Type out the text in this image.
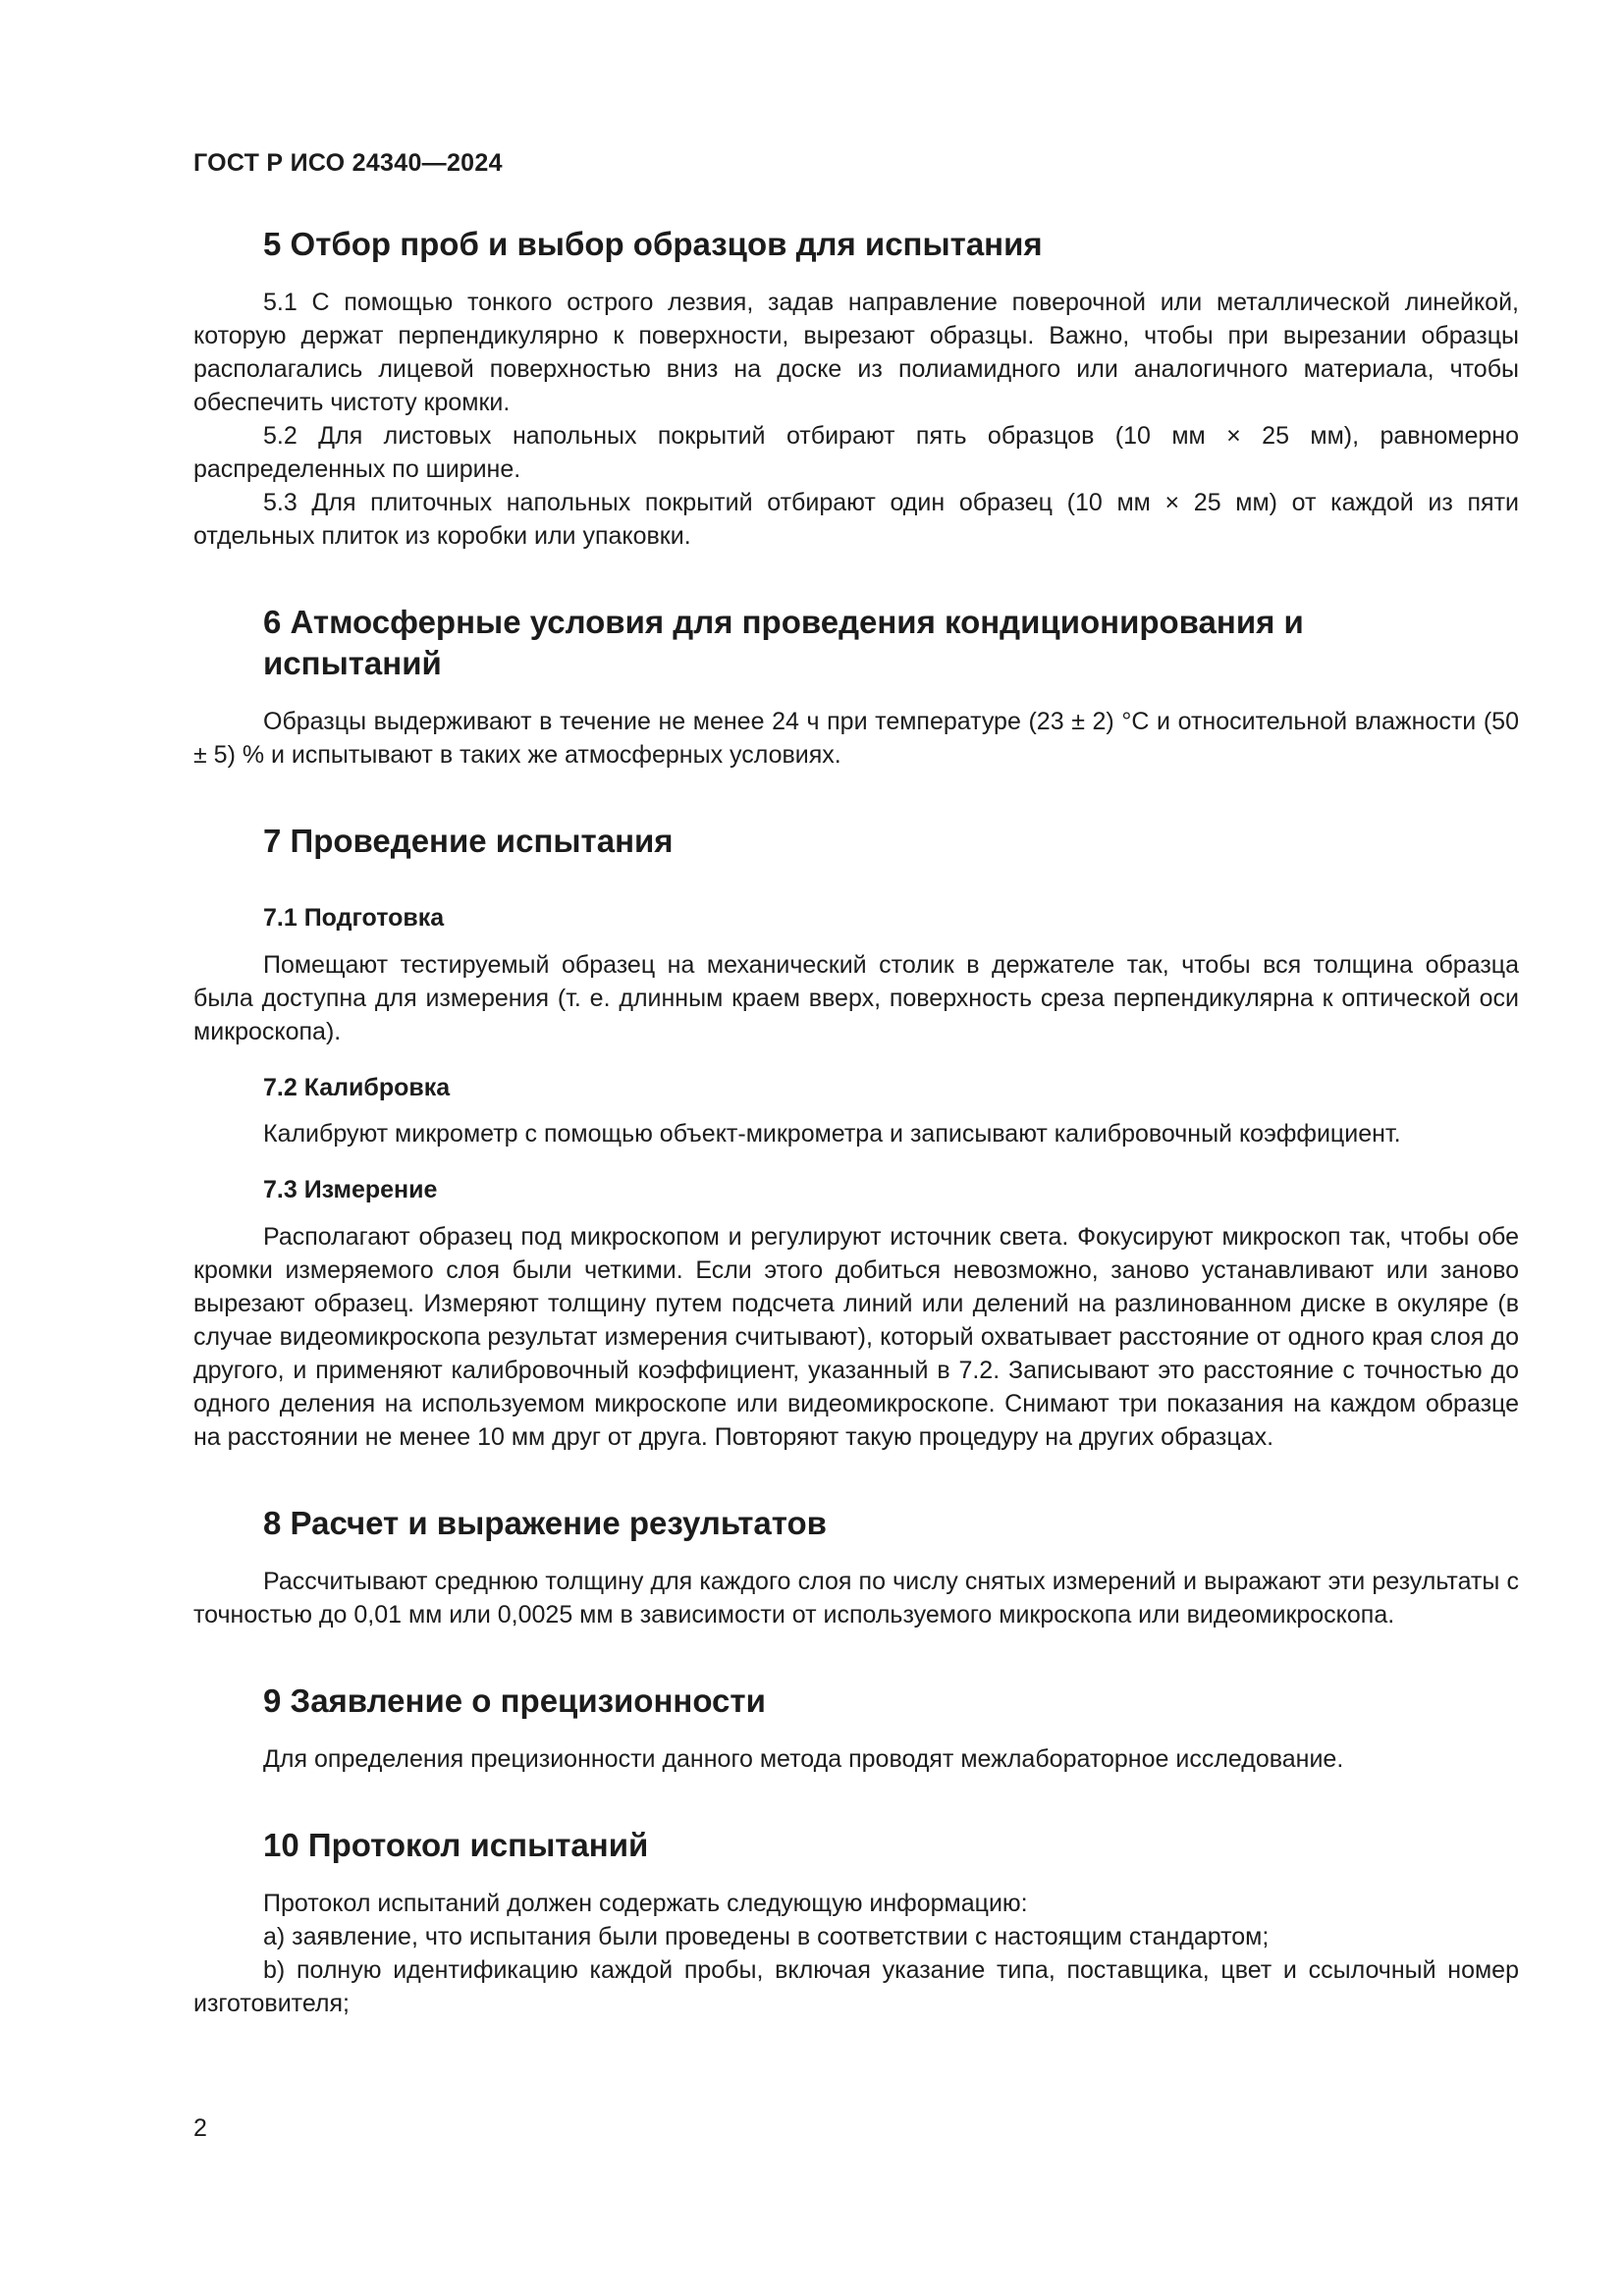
ГОСТ Р ИСО 24340—2024
5 Отбор проб и выбор образцов для испытания

5.1 С помощью тонкого острого лезвия, задав направление поверочной или металлической линейкой, которую держат перпендикулярно к поверхности, вырезают образцы. Важно, чтобы при вырезании образцы располагались лицевой поверхностью вниз на доске из полиамидного или аналогичного материала, чтобы обеспечить чистоту кромки.

5.2 Для листовых напольных покрытий отбирают пять образцов (10 мм × 25 мм), равномерно распределенных по ширине.

5.3 Для плиточных напольных покрытий отбирают один образец (10 мм × 25 мм) от каждой из пяти отдельных плиток из коробки или упаковки.

6 Атмосферные условия для проведения кондиционирования и испытаний

Образцы выдерживают в течение не менее 24 ч при температуре (23 ± 2) °С и относительной влажности (50 ± 5) % и испытывают в таких же атмосферных условиях.

7 Проведение испытания
7.1 Подготовка

Помещают тестируемый образец на механический столик в держателе так, чтобы вся толщина образца была доступна для измерения (т. е. длинным краем вверх, поверхность среза перпендикулярна к оптической оси микроскопа).

7.2 Калибровка

Калибруют микрометр с помощью объект-микрометра и записывают калибровочный коэффициент.

7.3 Измерение

Располагают образец под микроскопом и регулируют источник света. Фокусируют микроскоп так, чтобы обе кромки измеряемого слоя были четкими. Если этого добиться невозможно, заново устанавливают или заново вырезают образец. Измеряют толщину путем подсчета линий или делений на разлинованном диске в окуляре (в случае видеомикроскопа результат измерения считывают), который охватывает расстояние от одного края слоя до другого, и применяют калибровочный коэффициент, указанный в 7.2. Записывают это расстояние с точностью до одного деления на используемом микроскопе или видеомикроскопе. Снимают три показания на каждом образце на расстоянии не менее 10 мм друг от друга. Повторяют такую процедуру на других образцах.

8 Расчет и выражение результатов

Рассчитывают среднюю толщину для каждого слоя по числу снятых измерений и выражают эти результаты с точностью до 0,01 мм или 0,0025 мм в зависимости от используемого микроскопа или видеомикроскопа.

9 Заявление о прецизионности

Для определения прецизионности данного метода проводят межлабораторное исследование.

10 Протокол испытаний

Протокол испытаний должен содержать следующую информацию:

a) заявление, что испытания были проведены в соответствии с настоящим стандартом;

b) полную идентификацию каждой пробы, включая указание типа, поставщика, цвет и ссылочный номер изготовителя;

2
